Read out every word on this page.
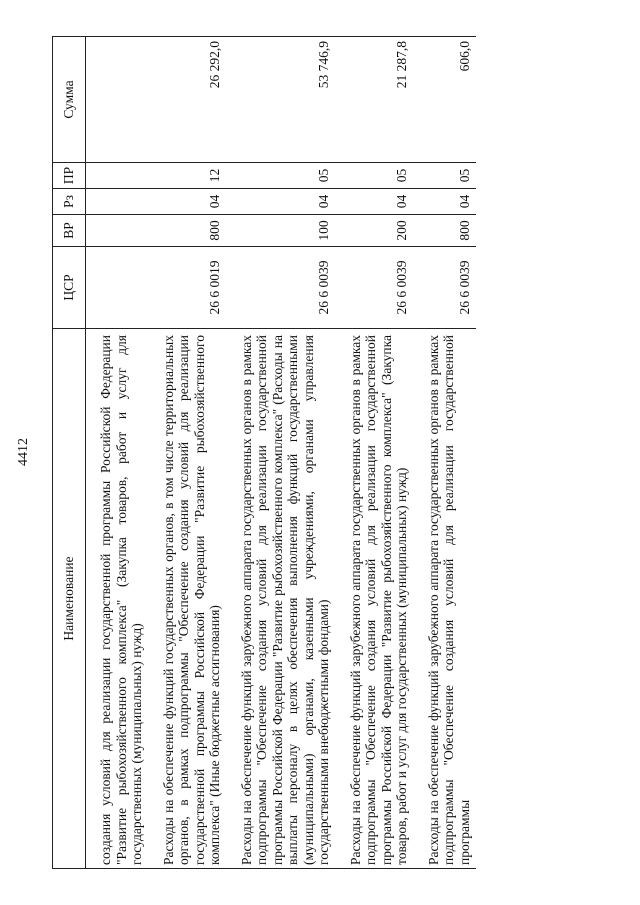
4412
Наименование	ЦСР	ВР	Рз	ПР	Сумма

создания условий для реализации государственной программы Российской Федерации "Развитие рыбохозяйственного комплекса" (Закупка товаров, работ и услуг для государственных (муниципальных) нужд)					

Расходы на обеспечение функций государственных органов, в том числе территориальных органов, в рамках подпрограммы "Обеспечение создания условий для реализации государственной программы Российской Федерации "Развитие рыбохозяйственного комплекса" (Иные бюджетные ассигнования)	26 6 0019	800	04	12	26 292,0

Расходы на обеспечение функций зарубежного аппарата государственных органов в рамках подпрограммы "Обеспечение создания условий для реализации государственной программы Российской Федерации "Развитие рыбохозяйственного комплекса" (Расходы на выплаты персоналу в целях обеспечения выполнения функций государственными (муниципальными) органами, казенными учреждениями, органами управления государственными внебюджетными фондами)	26 6 0039	100	04	05	53 746,9

Расходы на обеспечение функций зарубежного аппарата государственных органов в рамках подпрограммы "Обеспечение создания условий для реализации государственной программы Российской Федерации "Развитие рыбохозяйственного комплекса" (Закупка товаров, работ и услуг для государственных (муниципальных) нужд)	26 6 0039	200	04	05	21 287,8

Расходы на обеспечение функций зарубежного аппарата государственных органов в рамках подпрограммы "Обеспечение создания условий для реализации государственной программы	26 6 0039	800	04	05	606,0
